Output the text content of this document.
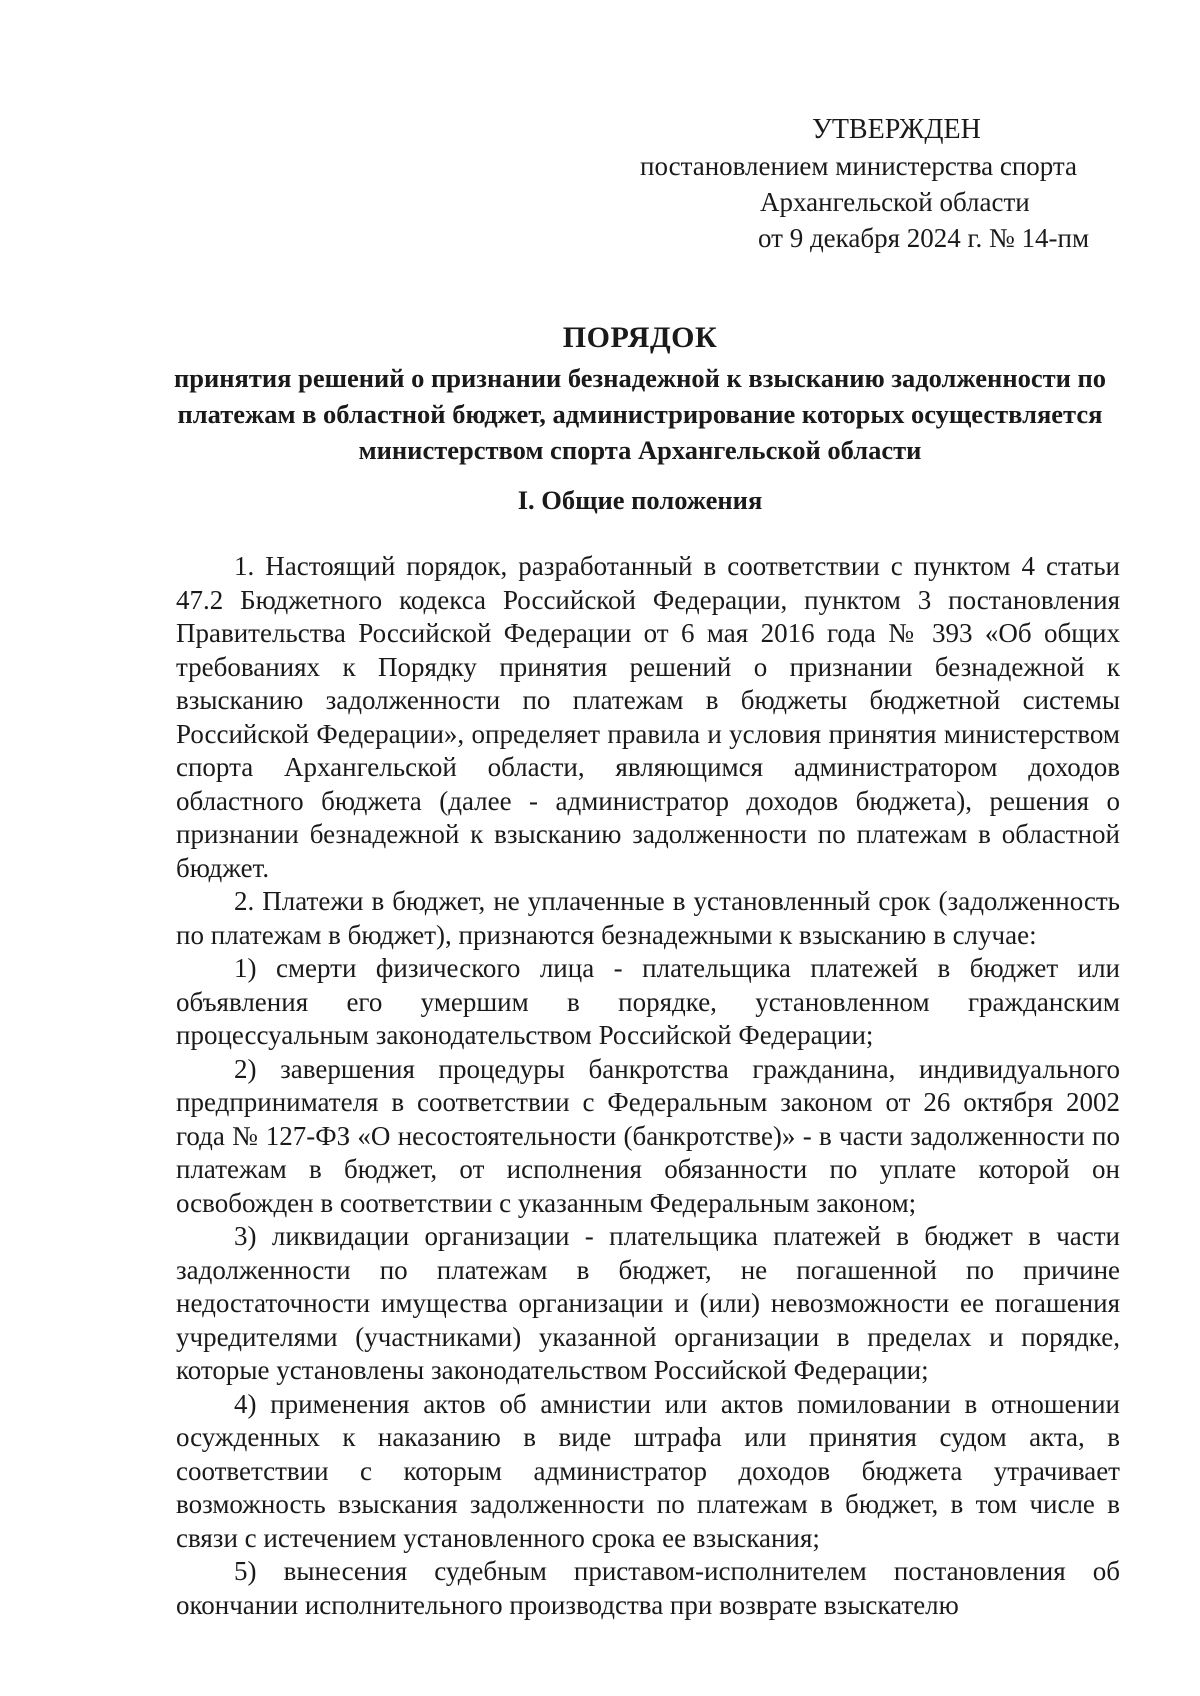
УТВЕРЖДЕН
постановлением министерства спорта
Архангельской области
от 9 декабря 2024 г. № 14-пм
ПОРЯДОК
принятия решений о признании безнадежной к взысканию задолженности по платежам в областной бюджет, администрирование которых осуществляется министерством спорта Архангельской области
I. Общие положения

1. Настоящий порядок, разработанный в соответствии с пунктом 4 статьи 47.2 Бюджетного кодекса Российской Федерации, пунктом 3 постановления Правительства Российской Федерации от 6 мая 2016 года № 393 «Об общих требованиях к Порядку принятия решений о признании безнадежной к взысканию задолженности по платежам в бюджеты бюджетной системы Российской Федерации», определяет правила и условия принятия министерством спорта Архангельской области, являющимся администратором доходов областного бюджета (далее - администратор доходов бюджета), решения о признании безнадежной к взысканию задолженности по платежам в областной бюджет.

2. Платежи в бюджет, не уплаченные в установленный срок (задолженность по платежам в бюджет), признаются безнадежными к взысканию в случае:

1) смерти физического лица - плательщика платежей в бюджет или объявления его умершим в порядке, установленном гражданским процессуальным законодательством Российской Федерации;

2) завершения процедуры банкротства гражданина, индивидуального предпринимателя в соответствии с Федеральным законом от 26 октября 2002 года № 127-ФЗ «О несостоятельности (банкротстве)» - в части задолженности по платежам в бюджет, от исполнения обязанности по уплате которой он освобожден в соответствии с указанным Федеральным законом;

3) ликвидации организации - плательщика платежей в бюджет в части задолженности по платежам в бюджет, не погашенной по причине недостаточности имущества организации и (или) невозможности ее погашения учредителями (участниками) указанной организации в пределах и порядке, которые установлены законодательством Российской Федерации;

4) применения актов об амнистии или актов помиловании в отношении осужденных к наказанию в виде штрафа или принятия судом акта, в соответствии с которым администратор доходов бюджета утрачивает возможность взыскания задолженности по платежам в бюджет, в том числе в связи с истечением установленного срока ее взыскания;

5) вынесения судебным приставом-исполнителем постановления об окончании исполнительного производства при возврате взыскателю
